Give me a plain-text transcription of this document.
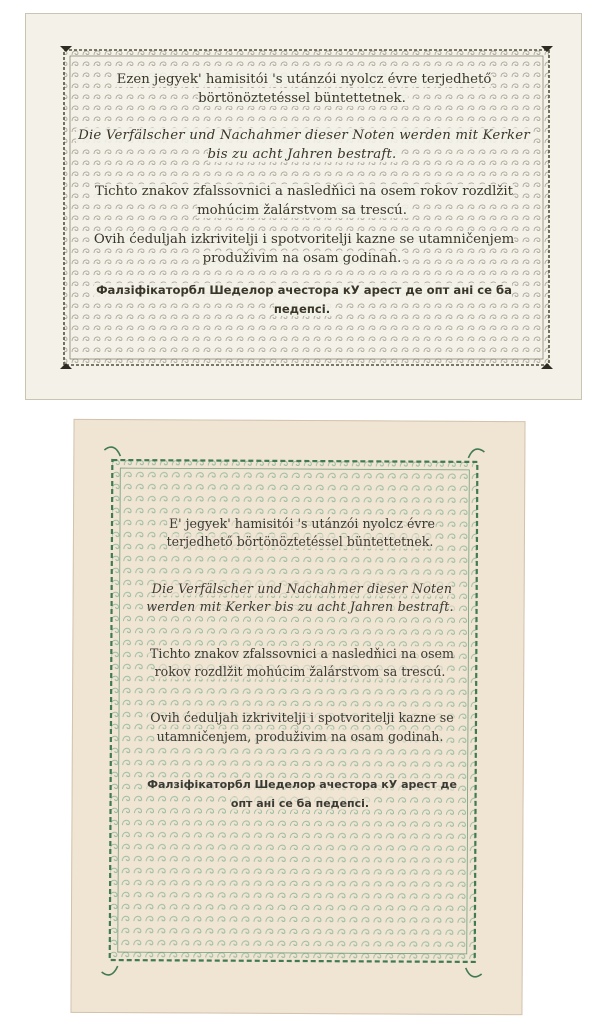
Ezen jegyek' hamisitói 's utánzói nyolcz évre terjedhető börtönöztetéssel büntettetnek.
Die Verfälscher und Nachahmer dieser Noten werden mit Kerker bis zu acht Jahren bestraft.
Tichto znakov zfalssovnici a nasledňici na osem rokov rozdlžit mohúcim žalárstvom sa trescú.
Ovih ćeduljah izkrivitelji i spotvoritelji kazne se utamničenjem produživim na osam godinah.
Фалзіфікаторбл Шеделор ачестора кУ арест де опт ані се ба педепсі.
E' jegyek' hamisitói 's utánzói nyolcz évre terjedhető börtönöztetéssel büntettetnek.
Die Verfälscher und Nachahmer dieser Noten werden mit Kerker bis zu acht Jahren bestraft.
Tichto znakov zfalssovnici a nasledňici na osem rokov rozdlžit mohúcim žalárstvom sa trescú.
Ovih ćeduljah izkrivitelji i spotvoritelji kazne se utamničenjem, produživim na osam godinah.
Фалзіфікаторбл Шеделор ачестора кУ арест де опт ані се ба педепсі.
